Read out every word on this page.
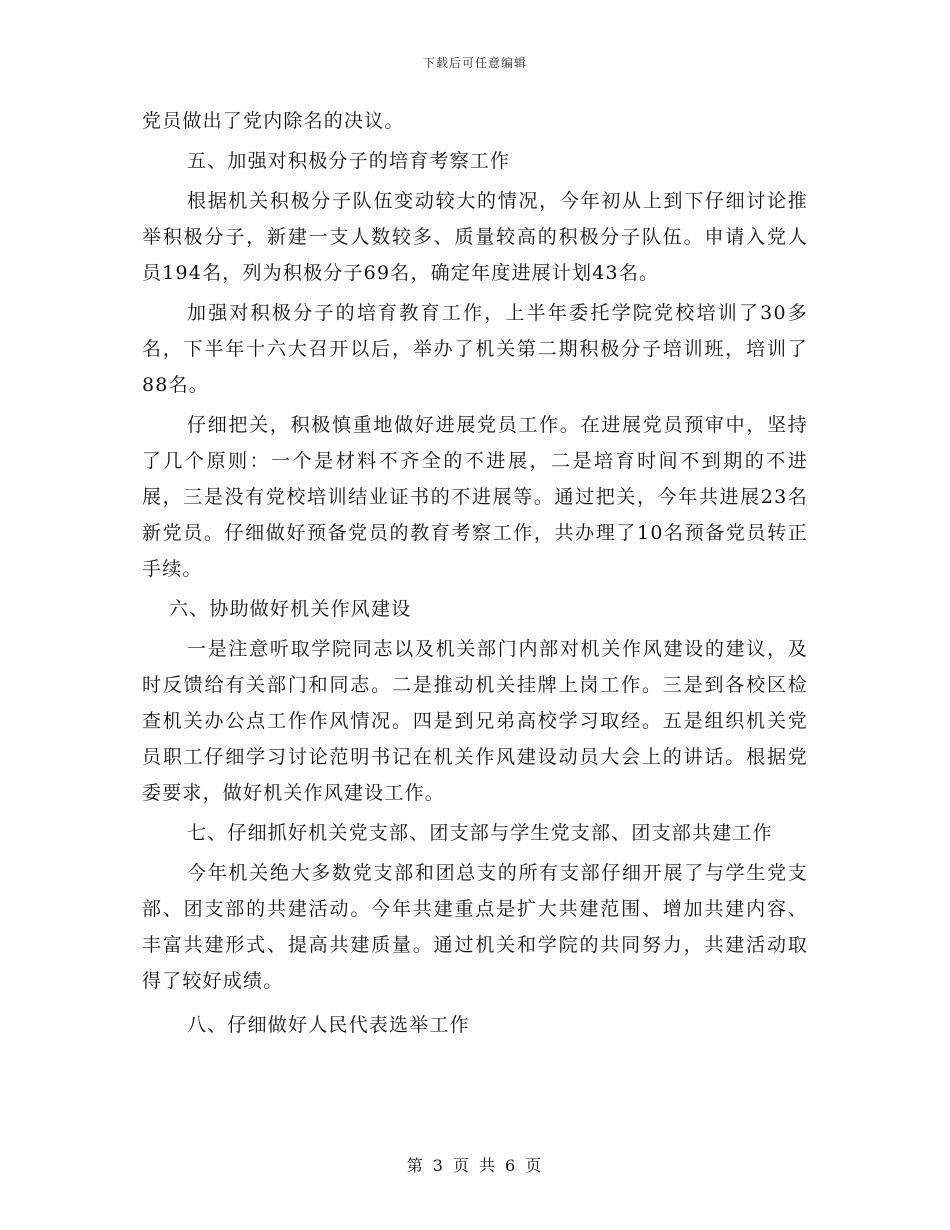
下载后可任意编辑

党员做出了党内除名的决议。

五、加强对积极分子的培育考察工作

根据机关积极分子队伍变动较大的情况，今年初从上到下仔细讨论推举积极分子，新建一支人数较多、质量较高的积极分子队伍。申请入党人员194名，列为积极分子69名，确定年度进展计划43名。

加强对积极分子的培育教育工作，上半年委托学院党校培训了30多名，下半年十六大召开以后，举办了机关第二期积极分子培训班，培训了88名。

仔细把关，积极慎重地做好进展党员工作。在进展党员预审中，坚持了几个原则：一个是材料不齐全的不进展，二是培育时间不到期的不进展，三是没有党校培训结业证书的不进展等。通过把关，今年共进展23名新党员。仔细做好预备党员的教育考察工作，共办理了10名预备党员转正手续。

六、协助做好机关作风建设

一是注意听取学院同志以及机关部门内部对机关作风建设的建议，及时反馈给有关部门和同志。二是推动机关挂牌上岗工作。三是到各校区检查机关办公点工作作风情况。四是到兄弟高校学习取经。五是组织机关党员职工仔细学习讨论范明书记在机关作风建设动员大会上的讲话。根据党委要求，做好机关作风建设工作。

七、仔细抓好机关党支部、团支部与学生党支部、团支部共建工作

今年机关绝大多数党支部和团总支的所有支部仔细开展了与学生党支部、团支部的共建活动。今年共建重点是扩大共建范围、增加共建内容、丰富共建形式、提高共建质量。通过机关和学院的共同努力，共建活动取得了较好成绩。

八、仔细做好人民代表选举工作

第 3 页 共 6 页
